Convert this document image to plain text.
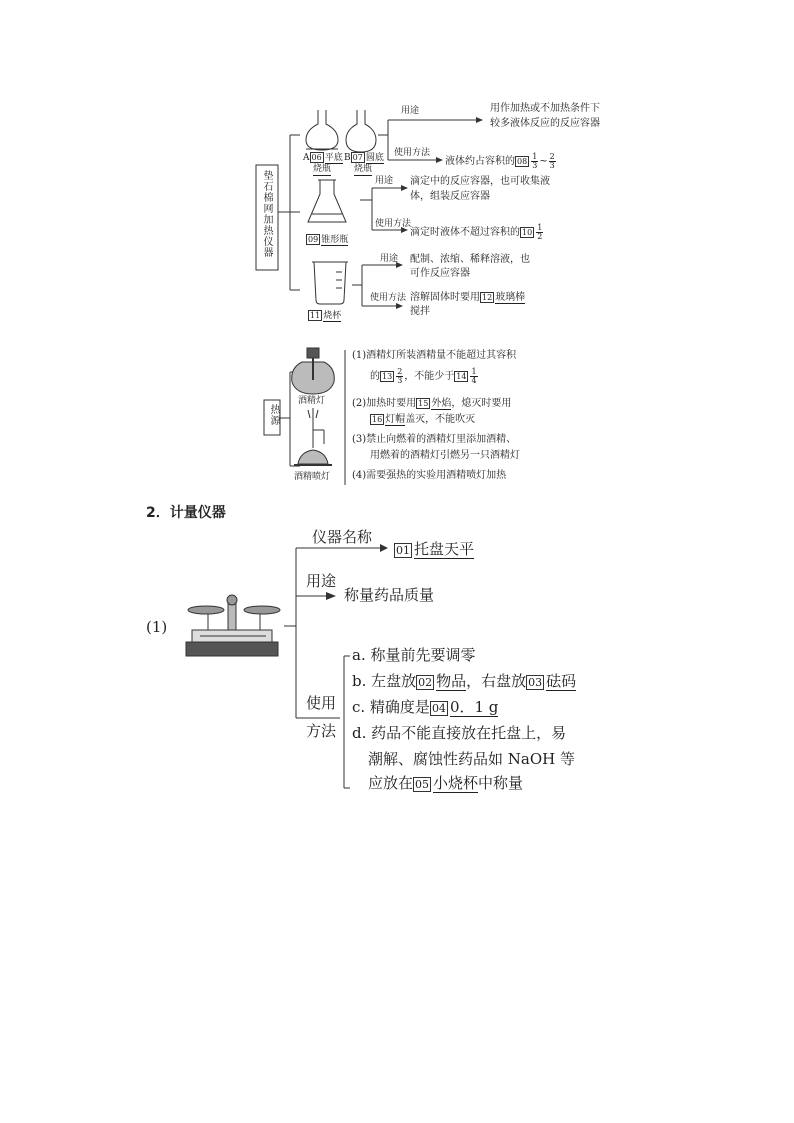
垫石棉网加热仪器
A 06 平底
烧瓶
B 07 圆底
烧瓶
用途	用作加热或不加热条件下
较多液体反应的反应容器
使用方法
液体约占容积的 $08 \frac{1}{3}$ ~ $\frac{2}{3}$
09 锥形瓶
用途 滴定中的反应容器，也可收集液
体，组装反应容器
使用方法
滴定时液体不超过容积的 $10 \frac{1}{2}$
11 烧杯
用途 配制、浓缩、稀释溶液，也
可作反应容器
使用方法 溶解固体时要用 12 玻璃棒
搅拌
热源
酒精灯
酒精喷灯
(1)酒精灯所装酒精量不能超过其容积
的 $13 \frac{2}{3}$ ，不能少于 $14 \frac{1}{4}$
(2)加热时要用 15 外焰，熄灭时要用
16 灯帽盖灭，不能吹灭
(3)禁止向燃着的酒精灯里添加酒精、
用燃着的酒精灯引燃另一只酒精灯
(4)需要强热的实验用酒精喷灯加热
2．计量仪器
(1)
仪器名称
01 托盘天平
用途
称量药品质量
使用
方法
a. 称量前先要调零
b. 左盘放 02 物品，右盘放 03 砝码
c. 精确度是 04 0．1 g
d. 药品不能直接放在托盘上，易
潮解、腐蚀性药品如 NaOH 等
应放在 05 小烧杯中称量
